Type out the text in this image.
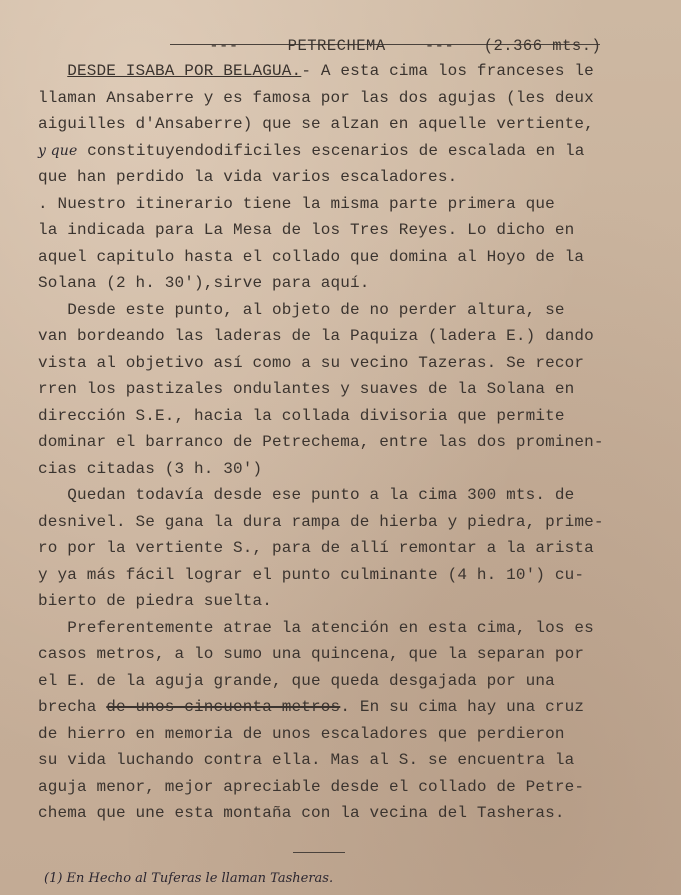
---	PETRECHEMA	--- (2.366 mts.)

DESDE ISABA POR BELAGUA.- A esta cima los franceses le
llaman Ansaberre y es famosa por las dos agujas (les deux
aiguilles d'Ansaberre) que se alzan en aquelle vertiente,
y que constituyendodificiles escenarios de escalada en la
que han perdido la vida varios escaladores.
. Nuestro itinerario tiene la misma parte primera que
la indicada para La Mesa de los Tres Reyes. Lo dicho en
aquel capitulo hasta el collado que domina al Hoyo de la
Solana (2 h. 30'),sirve para aquí.
Desde este punto, al objeto de no perder altura, se
van bordeando las laderas de la Paquiza (ladera E.) dando
vista al objetivo así como a su vecino Tazeras. Se recor
rren los pastizales ondulantes y suaves de la Solana en
dirección S.E., hacia la collada divisoria que permite
dominar el barranco de Petrechema, entre las dos prominen-
cias citadas (3 h. 30')
Quedan todavía desde ese punto a la cima 300 mts. de
desnivel. Se gana la dura rampa de hierba y piedra, prime-
ro por la vertiente S., para de allí remontar a la arista
y ya más fácil lograr el punto culminante (4 h. 10') cu-
bierto de piedra suelta.
Preferentemente atrae la atención en esta cima, los es
casos metros, a lo sumo una quincena, que la separan por
el E. de la aguja grande, que queda desgajada por una
brecha de unos cincuenta metros. En su cima hay una cruz
de hierro en memoria de unos escaladores que perdieron
su vida luchando contra ella. Mas al S. se encuentra la
aguja menor, mejor apreciable desde el collado de Petre-
chema que une esta montaña con la vecina del Tasheras.
(1) En Hecho al Tuferas le llaman Tasheras.
